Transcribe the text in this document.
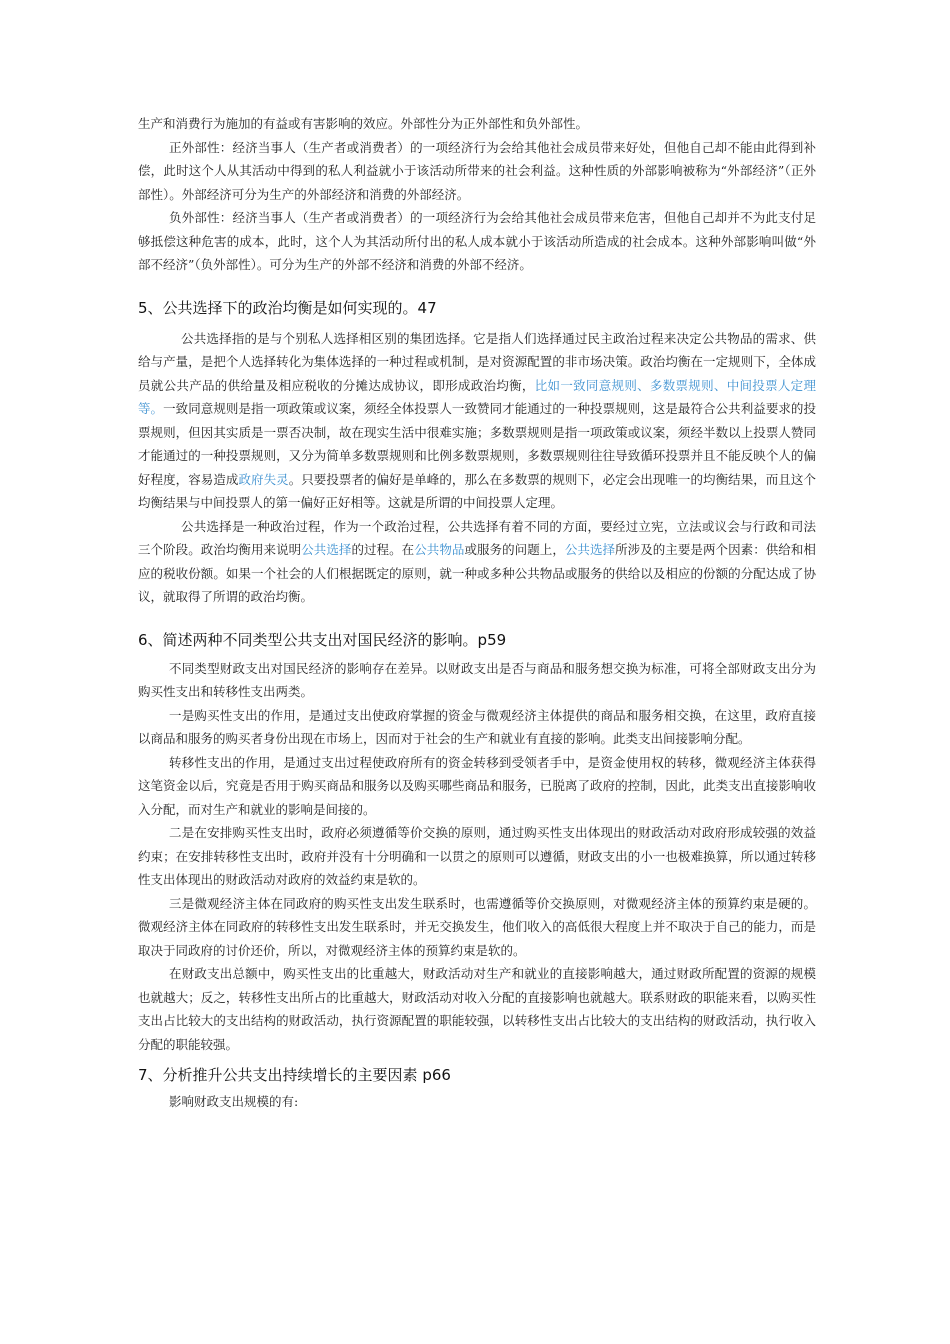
生产和消费行为施加的有益或有害影响的效应。外部性分为正外部性和负外部性。

正外部性：经济当事人（生产者或消费者）的一项经济行为会给其他社会成员带来好处，但他自己却不能由此得到补偿，此时这个人从其活动中得到的私人利益就小于该活动所带来的社会利益。这种性质的外部影响被称为“外部经济”（正外部性）。外部经济可分为生产的外部经济和消费的外部经济。

负外部性：经济当事人（生产者或消费者）的一项经济行为会给其他社会成员带来危害，但他自己却并不为此支付足够抵偿这种危害的成本，此时，这个人为其活动所付出的私人成本就小于该活动所造成的社会成本。这种外部影响叫做“外部不经济”（负外部性）。可分为生产的外部不经济和消费的外部不经济。

5、公共选择下的政治均衡是如何实现的。47

公共选择指的是与个别私人选择相区别的集团选择。它是指人们选择通过民主政治过程来决定公共物品的需求、供给与产量，是把个人选择转化为集体选择的一种过程或机制，是对资源配置的非市场决策。政治均衡在一定规则下，全体成员就公共产品的供给量及相应税收的分摊达成协议，即形成政治均衡，比如一致同意规则、多数票规则、中间投票人定理等。一致同意规则是指一项政策或议案，须经全体投票人一致赞同才能通过的一种投票规则，这是最符合公共利益要求的投票规则，但因其实质是一票否决制，故在现实生活中很难实施；多数票规则是指一项政策或议案，须经半数以上投票人赞同才能通过的一种投票规则，又分为简单多数票规则和比例多数票规则，多数票规则往往导致循环投票并且不能反映个人的偏好程度，容易造成政府失灵。只要投票者的偏好是单峰的，那么在多数票的规则下，必定会出现唯一的均衡结果，而且这个均衡结果与中间投票人的第一偏好正好相等。这就是所谓的中间投票人定理。

公共选择是一种政治过程，作为一个政治过程，公共选择有着不同的方面，要经过立宪，立法或议会与行政和司法三个阶段。政治均衡用来说明公共选择的过程。在公共物品或服务的问题上，公共选择所涉及的主要是两个因素：供给和相应的税收份额。如果一个社会的人们根据既定的原则，就一种或多种公共物品或服务的供给以及相应的份额的分配达成了协议，就取得了所谓的政治均衡。

6、简述两种不同类型公共支出对国民经济的影响。p59

不同类型财政支出对国民经济的影响存在差异。以财政支出是否与商品和服务想交换为标准，可将全部财政支出分为购买性支出和转移性支出两类。

一是购买性支出的作用，是通过支出使政府掌握的资金与微观经济主体提供的商品和服务相交换，在这里，政府直接以商品和服务的购买者身份出现在市场上，因而对于社会的生产和就业有直接的影响。此类支出间接影响分配。

转移性支出的作用，是通过支出过程使政府所有的资金转移到受领者手中，是资金使用权的转移，微观经济主体获得这笔资金以后，究竟是否用于购买商品和服务以及购买哪些商品和服务，已脱离了政府的控制，因此，此类支出直接影响收入分配，而对生产和就业的影响是间接的。

二是在安排购买性支出时，政府必须遵循等价交换的原则，通过购买性支出体现出的财政活动对政府形成较强的效益约束；在安排转移性支出时，政府并没有十分明确和一以贯之的原则可以遵循，财政支出的小一也极难换算，所以通过转移性支出体现出的财政活动对政府的效益约束是软的。

三是微观经济主体在同政府的购买性支出发生联系时，也需遵循等价交换原则，对微观经济主体的预算约束是硬的。微观经济主体在同政府的转移性支出发生联系时，并无交换发生，他们收入的高低很大程度上并不取决于自己的能力，而是取决于同政府的讨价还价，所以，对微观经济主体的预算约束是软的。

在财政支出总额中，购买性支出的比重越大，财政活动对生产和就业的直接影响越大，通过财政所配置的资源的规模也就越大；反之，转移性支出所占的比重越大，财政活动对收入分配的直接影响也就越大。联系财政的职能来看，以购买性支出占比较大的支出结构的财政活动，执行资源配置的职能较强，以转移性支出占比较大的支出结构的财政活动，执行收入分配的职能较强。

7、分析推升公共支出持续增长的主要因素 p66

影响财政支出规模的有:
